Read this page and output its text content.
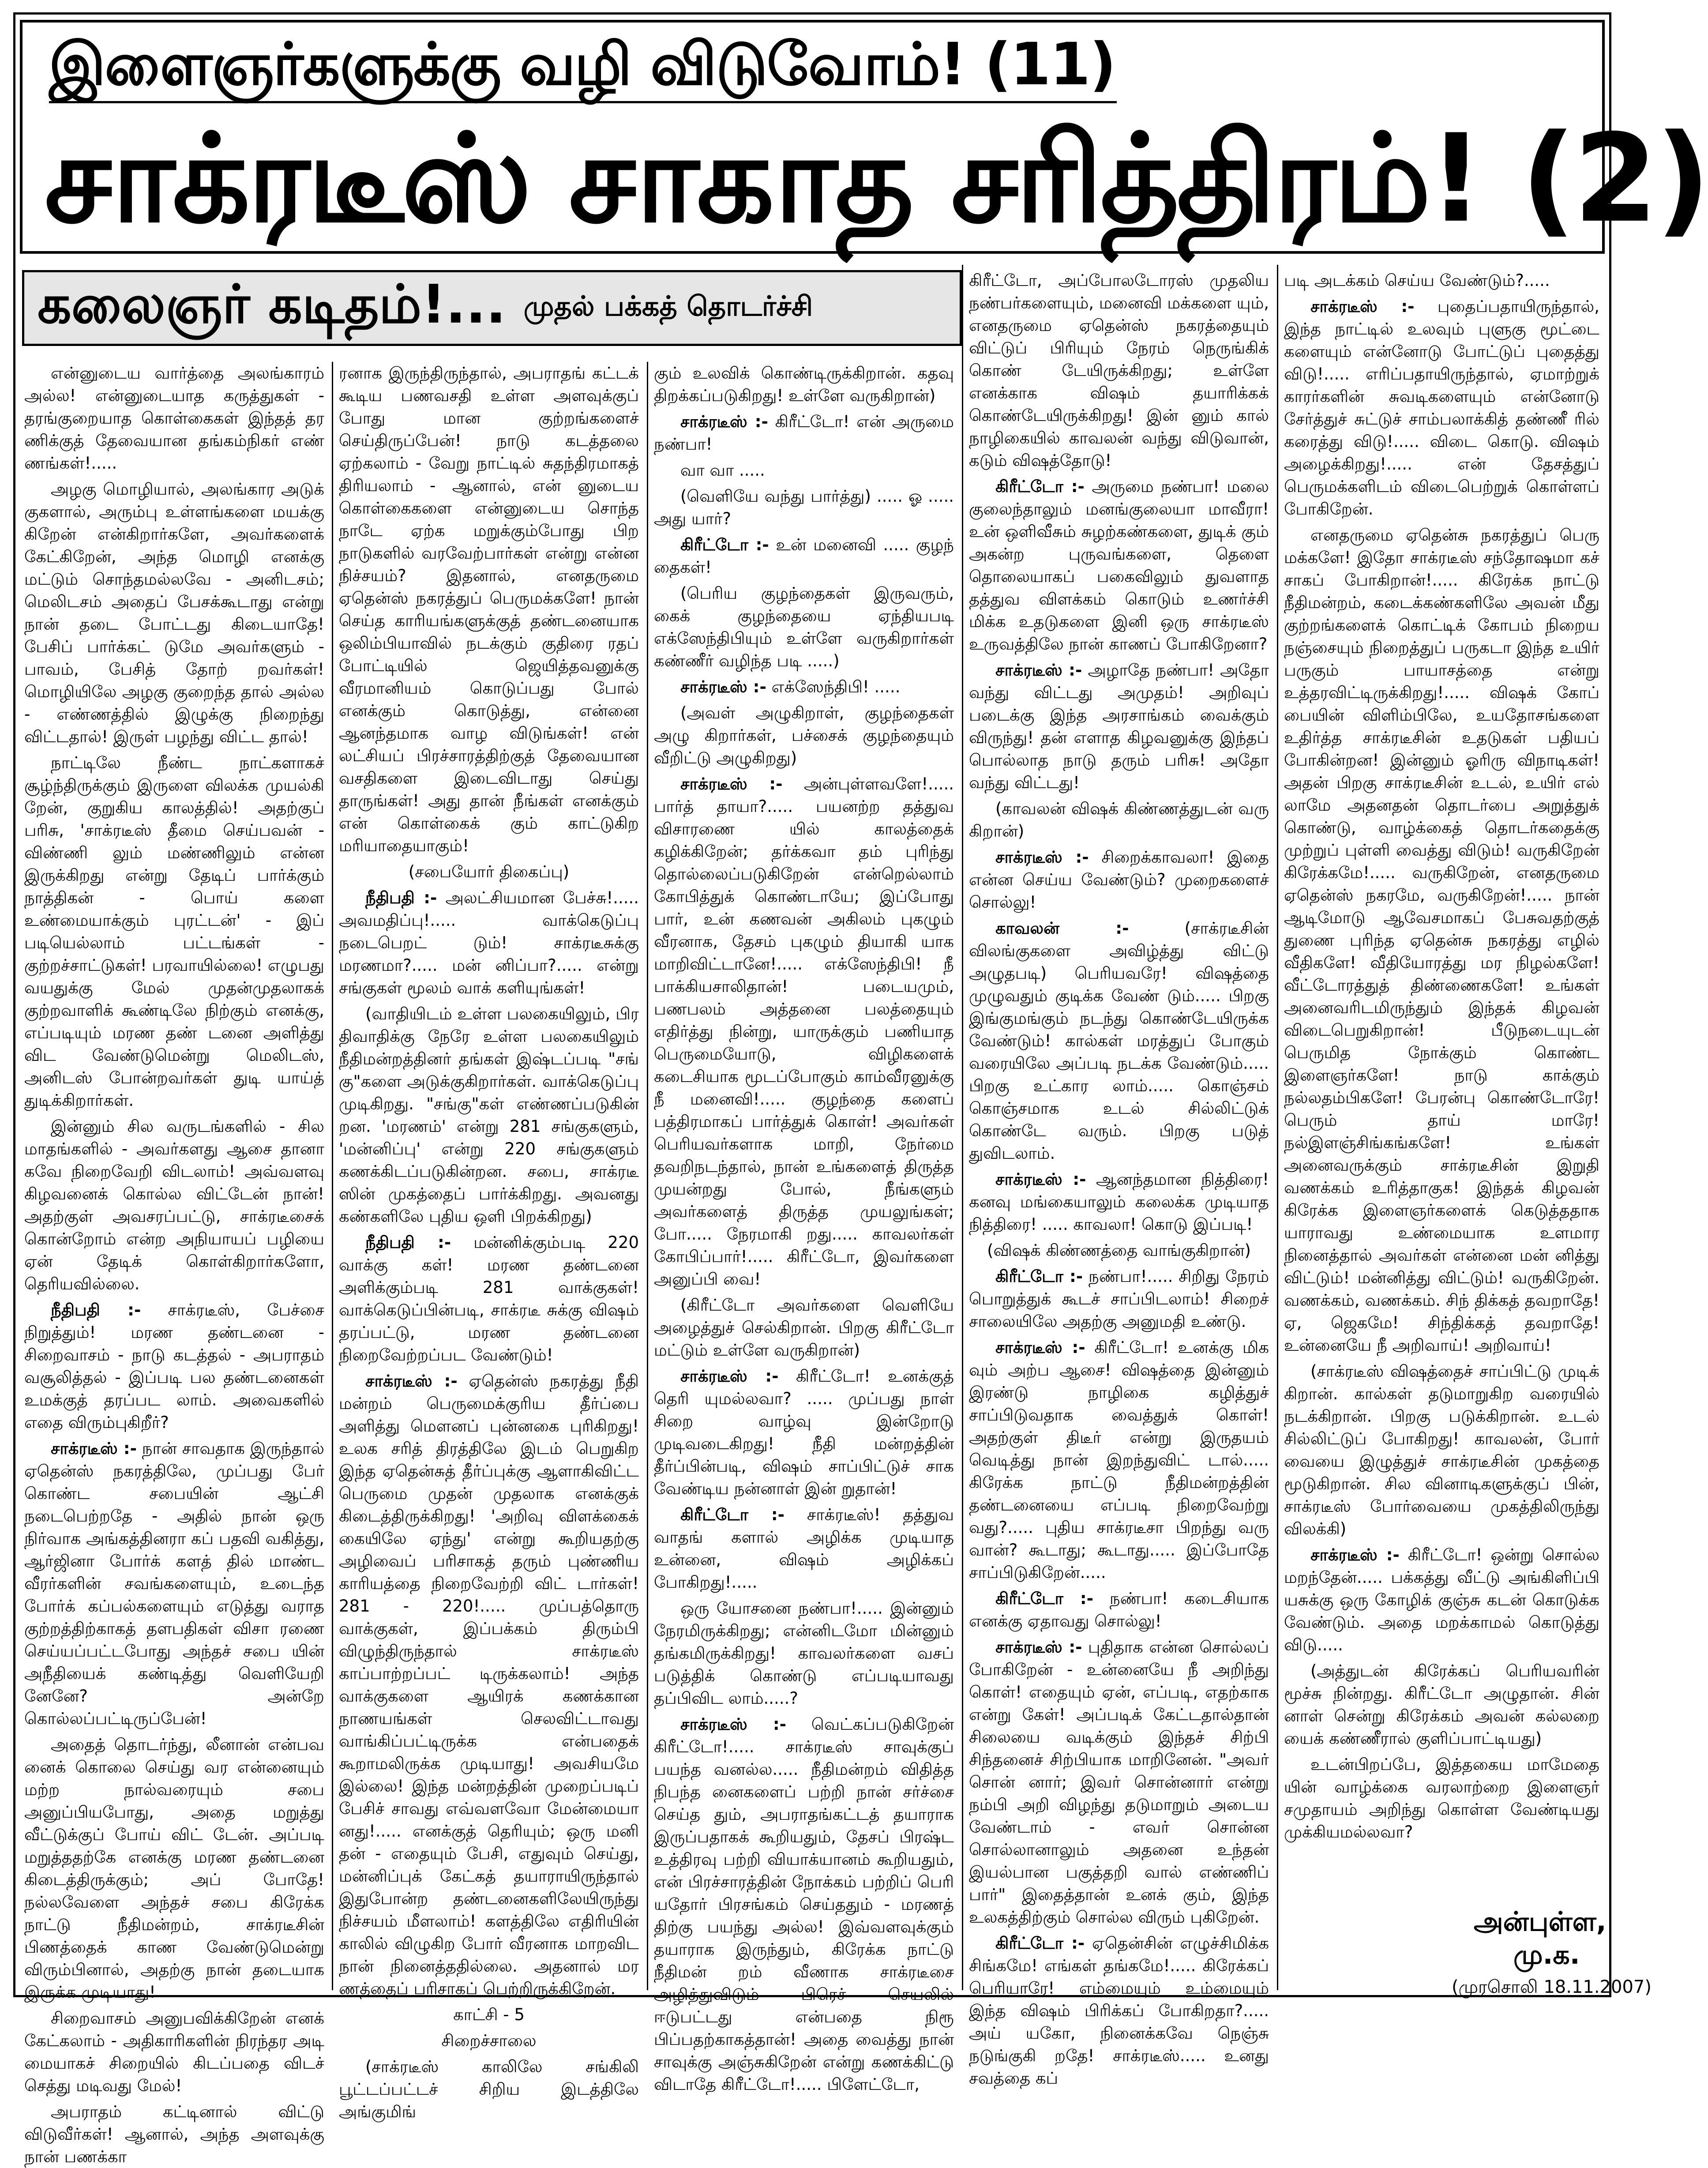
இளைஞர்களுக்கு வழி விடுவோம்! (11)
சாக்ரடீஸ் சாகாத சரித்திரம்! (2)
கலைஞர் கடிதம்!... முதல் பக்கத் தொடர்ச்சி

என்னுடைய வார்த்தை அலங்காரம் அல்ல! என்னுடையாத கருத்துகள் - தரங்குறையாத கொள்கைகள் இந்தத் தர ணிக்குத் தேவையான தங்கம்நிகர் எண் ணங்கள்!.....

அழகு மொழியால், அலங்கார அடுக் குகளால், அரும்பு உள்ளங்களை மயக்கு கிறேன் என்கிறார்களே, அவர்களைக் கேட்கிறேன், அந்த மொழி எனக்கு மட்டும் சொந்தமல்லவே - அனிடசம்; மெலிடசம் அதைப் பேசக்கூடாது என்று நான் தடை போட்டது கிடையாதே! பேசிப் பார்க்கட் டுமே அவர்களும் - பாவம், பேசித் தோற் றவர்கள்! மொழியிலே அழகு குறைந்த தால் அல்ல - எண்ணத்தில் இழுக்கு நிறைந்து விட்டதால்! இருள் பழந்து விட்ட தால்!

நாட்டிலே நீண்ட நாட்களாகச் சூழ்ந்திருக்கும் இருளை விலக்க முயல்கி றேன், குறுகிய காலத்தில்! அதற்குப் பரிசு, 'சாக்ரடீஸ் தீமை செய்பவன் - விண்ணி லும் மண்ணிலும் என்ன இருக்கிறது என்று தேடிப் பார்க்கும் நாத்திகன் - பொய் களை உண்மையாக்கும் புரட்டன்' - இப் படியெல்லாம் பட்டங்கள் - குற்றச்சாட்டுகள்! பரவாயில்லை! எழுபது வயதுக்கு மேல் முதன்முதலாகக் குற்றவாளிக் கூண்டிலே நிற்கும் எனக்கு, எப்படியும் மரண தண் டனை அளித்து விட வேண்டுமென்று மெலிடஸ், அனிடஸ் போன்றவர்கள் துடி யாய்த் துடிக்கிறார்கள்.

இன்னும் சில வருடங்களில் - சில மாதங்களில் - அவர்களது ஆசை தானா கவே நிறைவேறி விடலாம்! அவ்வளவு கிழவனைக் கொல்ல விட்டேன் நான்! அதற்குள் அவசரப்பட்டு, சாக்ரடீசைக் கொன்றோம் என்ற அநியாயப் பழியை ஏன் தேடிக் கொள்கிறார்களோ, தெரியவில்லை.

நீதிபதி :- சாக்ரடீஸ், பேச்சை நிறுத்தும்! மரண தண்டனை - சிறைவாசம் - நாடு கடத்தல் - அபராதம் வசூலித்தல் - இப்படி பல தண்டனைகள் உமக்குத் தரப்பட லாம். அவைகளில் எதை விரும்புகிறீர்?

சாக்ரடீஸ் :- நான் சாவதாக இருந்தால் ஏதென்ஸ் நகரத்திலே, முப்பது பேர் கொண்ட சபையின் ஆட்சி நடைபெற்றதே - அதில் நான் ஒரு நிர்வாக அங்கத்தினரா கப் பதவி வகித்து, ஆர்ஜினா போர்க் களத் தில் மாண்ட வீரர்களின் சவங்களையும், உடைந்த போர்க் கப்பல்களையும் எடுத்து வராத குற்றத்திற்காகத் தளபதிகள் விசா ரணை செய்யப்பட்டபோது அந்தச் சபை யின் அநீதியைக் கண்டித்து வெளியேறி னேனே? அன்றே கொல்லப்பட்டிருப்பேன்!

அதைத் தொடர்ந்து, லீனான் என்பவ னைக் கொலை செய்து வர என்னையும் மற்ற நால்வரையும் சபை அனுப்பியபோது, அதை மறுத்து வீட்டுக்குப் போய் விட் டேன். அப்படி மறுத்ததற்கே எனக்கு மரண தண்டனை கிடைத்திருக்கும்; அப் போதே! நல்லவேளை அந்தச் சபை கிரேக்க நாட்டு நீதிமன்றம், சாக்ரடீசின் பிணத்தைக் காண வேண்டுமென்று விரும்பினால், அதற்கு நான் தடையாக இருக்க முடியாது!

சிறைவாசம் அனுபவிக்கிறேன் எனக் கேட்கலாம் - அதிகாரிகளின் நிரந்தர அடி மையாகச் சிறையில் கிடப்பதை விடச் செத்து மடிவது மேல்!

அபராதம் கட்டினால் விட்டு விடுவீர்கள்! ஆனால், அந்த அளவுக்கு நான் பணக்கா

ரனாக இருந்திருந்தால், அபராதங் கட்டக் கூடிய பணவசதி உள்ள அளவுக்குப் போது மான குற்றங்களைச் செய்திருப்பேன்! நாடு கடத்தலை ஏற்கலாம் - வேறு நாட்டில் சுதந்திரமாகத் திரியலாம் - ஆனால், என் னுடைய கொள்கைகளை என்னுடைய சொந்த நாடே ஏற்க மறுக்கும்போது பிற நாடுகளில் வரவேற்பார்கள் என்று என்ன நிச்சயம்? இதனால், எனதருமை ஏதென்ஸ் நகரத்துப் பெருமக்களே! நான் செய்த காரியங்களுக்குத் தண்டனையாக ஒலிம்பியாவில் நடக்கும் குதிரை ரதப் போட்டியில் ஜெயித்தவனுக்கு வீரமானியம் கொடுப்பது போல் எனக்கும் கொடுத்து, என்னை ஆனந்தமாக வாழ விடுங்கள்! என் லட்சியப் பிரச்சாரத்திற்குத் தேவையான வசதிகளை இடைவிடாது செய்து தாருங்கள்! அது தான் நீங்கள் எனக்கும் என் கொள்கைக் கும் காட்டுகிற மரியாதையாகும்!

(சபையோர் திகைப்பு)

நீதிபதி :- அலட்சியமான பேச்சு!..... அவமதிப்பு!..... வாக்கெடுப்பு நடைபெறட் டும்! சாக்ரடீசுக்கு மரணமா?..... மன் னிப்பா?..... என்று சங்குகள் மூலம் வாக் களியுங்கள்!

(வாதியிடம் உள்ள பலகையிலும், பிர திவாதிக்கு நேரே உள்ள பலகையிலும் நீதிமன்றத்தினர் தங்கள் இஷ்டப்படி "சங் கு"களை அடுக்குகிறார்கள். வாக்கெடுப்பு முடிகிறது. "சங்கு"கள் எண்ணப்படுகின் றன. 'மரணம்' என்று 281 சங்குகளும், 'மன்னிப்பு' என்று 220 சங்குகளும் கணக்கிடப்படுகின்றன. சபை, சாக்ரடீ ஸின் முகத்தைப் பார்க்கிறது. அவனது கண்களிலே புதிய ஒளி பிறக்கிறது)

நீதிபதி :- மன்னிக்கும்படி 220 வாக்கு கள்! மரண தண்டனை அளிக்கும்படி 281 வாக்குகள்! வாக்கெடுப்பின்படி, சாக்ரடீ சுக்கு விஷம் தரப்பட்டு, மரண தண்டனை நிறைவேற்றப்பட வேண்டும்!

சாக்ரடீஸ் :- ஏதென்ஸ் நகரத்து நீதி மன்றம் பெருமைக்குரிய தீர்ப்பை அளித்து மௌனப் புன்னகை புரிகிறது! உலக சரித் திரத்திலே இடம் பெறுகிற இந்த ஏதென்சுத் தீர்ப்புக்கு ஆளாகிவிட்ட பெருமை முதன் முதலாக எனக்குக் கிடைத்திருக்கிறது! 'அறிவு விளக்கைக் கையிலே ஏந்து' என்று கூறியதற்கு அழிவைப் பரிசாகத் தரும் புண்ணிய காரியத்தை நிறைவேற்றி விட் டார்கள்! 281 - 220!..... முப்பத்தொரு வாக்குகள், இப்பக்கம் திரும்பி விழுந்திருந்தால் சாக்ரடீஸ் காப்பாற்றப்பட் டிருக்கலாம்! அந்த வாக்குகளை ஆயிரக் கணக்கான நாணயங்கள் செலவிட்டாவது வாங்கிப்பட்டிருக்க என்பதைக் கூறாமலிருக்க முடியாது! அவசியமே இல்லை! இந்த மன்றத்தின் முறைப்படிப் பேசிச் சாவது எவ்வளவோ மேன்மையா னது!..... எனக்குத் தெரியும்; ஒரு மனி தன் - எதையும் பேசி, எதுவும் செய்து, மன்னிப்புக் கேட்கத் தயாராயிருந்தால் இதுபோன்ற தண்டனைகளிலேயிருந்து நிச்சயம் மீளலாம்! களத்திலே எதிரியின் காலில் விழுகிற போர் வீரனாக மாறவிட நான் நினைத்ததில்லை. அதனால் மர ணத்தைப் பரிசாகப் பெற்றிருக்கிறேன்.

காட்சி - 5

சிறைச்சாலை

(சாக்ரடீஸ் காலிலே சங்கிலி பூட்டப்பட்டச் சிறிய இடத்திலே அங்குமிங்

கும் உலவிக் கொண்டிருக்கிறான். கதவு திறக்கப்படுகிறது! உள்ளே வருகிறான்)

சாக்ரடீஸ் :- கிரீட்டோ! என் அருமை நண்பா!

வா வா .....

(வெளியே வந்து பார்த்து) ..... ஓ ..... அது யார்?

கிரீட்டோ :- உன் மனைவி ..... குழந் தைகள்!

(பெரிய குழந்தைகள் இருவரும், கைக் குழந்தையை ஏந்தியபடி எக்ஸேந்திபியும் உள்ளே வருகிறார்கள் கண்ணீர் வழிந்த படி .....)

சாக்ரடீஸ் :- எக்ஸேந்திபி! .....

(அவள் அழுகிறாள், குழந்தைகள் அழு கிறார்கள், பச்சைக் குழந்தையும் வீறிட்டு அழுகிறது)

சாக்ரடீஸ் :- அன்புள்ளவளே!..... பார்த் தாயா?..... பயனற்ற தத்துவ விசாரணை யில் காலத்தைக் கழிக்கிறேன்; தர்க்கவா தம் புரிந்து தொல்லைப்படுகிறேன் என்றெல்லாம் கோபித்துக் கொண்டாயே; இப்போது பார், உன் கணவன் அகிலம் புகழும் வீரனாக, தேசம் புகழும் தியாகி யாக மாறிவிட்டானே!..... எக்ஸேந்திபி! நீ பாக்கியசாலிதான்! படையமும், பணபலம் அத்தனை பலத்தையும் எதிர்த்து நின்று, யாருக்கும் பணியாத பெருமையோடு, விழிகளைக் கடைசியாக மூடப்போகும் காம்வீரனுக்கு நீ மனைவி!..... குழந்தை களைப் பத்திரமாகப் பார்த்துக் கொள்! அவர்கள் பெரியவர்களாக மாறி, நேர்மை தவறிநடந்தால், நான் உங்களைத் திருத்த முயன்றது போல், நீங்களும் அவர்களைத் திருத்த முயலுங்கள்; போ..... நேரமாகி றது..... காவலர்கள் கோபிப்பார்!..... கிரீட்டோ, இவர்களை அனுப்பி வை!

(கிரீட்டோ அவர்களை வெளியே அழைத்துச் செல்கிறான். பிறகு கிரீட்டோ மட்டும் உள்ளே வருகிறான்)

சாக்ரடீஸ் :- கிரீட்டோ! உனக்குத் தெரி யுமல்லவா? ..... முப்பது நாள் சிறை வாழ்வு இன்றோடு முடிவடைகிறது! நீதி மன்றத்தின் தீர்ப்பின்படி, விஷம் சாப்பிட்டுச் சாக வேண்டிய நன்னாள் இன் றுதான்!

கிரீட்டோ :- சாக்ரடீஸ்! தத்துவ வாதங் களால் அழிக்க முடியாத உன்னை, விஷம் அழிக்கப் போகிறது!.....

ஒரு யோசனை நண்பா!..... இன்னும் நேரமிருக்கிறது; என்னிடமோ மின்னும் தங்கமிருக்கிறது! காவலர்களை வசப் படுத்திக் கொண்டு எப்படியாவது தப்பிவிட லாம்.....?

சாக்ரடீஸ் :- வெட்கப்படுகிறேன் கிரீட்டோ!..... சாக்ரடீஸ் சாவுக்குப் பயந்த வனல்ல..... நீதிமன்றம் விதித்த நிபந்த னைகளைப் பற்றி நான் சர்ச்சை செய்த தும், அபராதங்கட்டத் தயாராக இருப்பதாகக் கூறியதும், தேசப் பிரஷ்ட உத்திரவு பற்றி வியாக்யானம் கூறியதும், என் பிரச்சாரத்தின் நோக்கம் பற்றிப் பெரி யதோர் பிரசங்கம் செய்ததும் - மரணத் திற்கு பயந்து அல்ல! இவ்வளவுக்கும் தயாராக இருந்தும், கிரேக்க நாட்டு நீதிமன் றம் வீணாக சாக்ரடீசை அழித்துவிடும் பிரெச் செயலில் ஈடுபட்டது என்பதை நிரூ பிப்பதற்காகத்தான்! அதை வைத்து நான் சாவுக்கு அஞ்சுகிறேன் என்று கணக்கிட்டு விடாதே கிரீட்டோ!..... பிளேட்டோ,

கிரீட்டோ, அப்போலடோரஸ் முதலிய நண்பர்களையும், மனைவி மக்களை யும், எனதருமை ஏதென்ஸ் நகரத்தையும் விட்டுப் பிரியும் நேரம் நெருங்கிக் கொண் டேயிருக்கிறது; உள்ளே எனக்காக விஷம் தயாரிக்கக் கொண்டேயிருக்கிறது! இன் னும் கால் நாழிகையில் காவலன் வந்து விடுவான், கடும் விஷத்தோடு!

கிரீட்டோ :- அருமை நண்பா! மலை குலைந்தாலும் மனங்குலையா மாவீரா! உன் ஒளிவீசும் சுழற்கண்களை, துடிக் கும் அகன்ற புருவங்களை, தெளை தொலையாகப் பகைவிலும் துவளாத தத்துவ விளக்கம் கொடும் உணர்ச்சி மிக்க உதடுகளை இனி ஒரு சாக்ரடீஸ் உருவத்திலே நான் காணப் போகிறேனா?

சாக்ரடீஸ் :- அழாதே நண்பா! அதோ வந்து விட்டது அமுதம்! அறிவுப் படைக்கு இந்த அரசாங்கம் வைக்கும் விருந்து! தன் எளாத கிழவனுக்கு இந்தப் பொல்லாத நாடு தரும் பரிசு! அதோ வந்து விட்டது!

(காவலன் விஷக் கிண்ணத்துடன் வரு கிறான்)

சாக்ரடீஸ் :- சிறைக்காவலா! இதை என்ன செய்ய வேண்டும்? முறைகளைச் சொல்லு!

காவலன் :- (சாக்ரடீசின் விலங்குகளை அவிழ்த்து விட்டு அழுதபடி) பெரியவரே! விஷத்தை முழுவதும் குடிக்க வேண் டும்..... பிறகு இங்குமங்கும் நடந்து கொண்டேயிருக்க வேண்டும்! கால்கள் மரத்துப் போகும் வரையிலே அப்படி நடக்க வேண்டும்..... பிறகு உட்கார லாம்..... கொஞ்சம் கொஞ்சமாக உடல் சில்லிட்டுக் கொண்டே வரும். பிறகு படுத் துவிடலாம்.

சாக்ரடீஸ் :- ஆனந்தமான நித்திரை! கனவு மங்கையாலும் கலைக்க முடியாத நித்திரை! ..... காவலா! கொடு இப்படி!

(விஷக் கிண்ணத்தை வாங்குகிறான்)

கிரீட்டோ :- நண்பா!..... சிறிது நேரம் பொறுத்துக் கூடச் சாப்பிடலாம்! சிறைச் சாலையிலே அதற்கு அனுமதி உண்டு.

சாக்ரடீஸ் :- கிரீட்டோ! உனக்கு மிக வும் அற்ப ஆசை! விஷத்தை இன்னும் இரண்டு நாழிகை கழித்துச் சாப்பிடுவதாக வைத்துக் கொள்! அதற்குள் திடீர் என்று இருதயம் வெடித்து நான் இறந்துவிட் டால்..... கிரேக்க நாட்டு நீதிமன்றத்தின் தண்டனையை எப்படி நிறைவேற்று வது?..... புதிய சாக்ரடீசா பிறந்து வரு வான்? கூடாது; கூடாது..... இப்போதே சாப்பிடுகிறேன்.....

கிரீட்டோ :- நண்பா! கடைசியாக எனக்கு ஏதாவது சொல்லு!

சாக்ரடீஸ் :- புதிதாக என்ன சொல்லப் போகிறேன் - உன்னையே நீ அறிந்து கொள்! எதையும் ஏன், எப்படி, எதற்காக என்று கேள்! அப்படிக் கேட்டதால்தான் சிலையை வடிக்கும் இந்தச் சிற்பி சிந்தனைச் சிற்பியாக மாறினேன். "அவர் சொன் னார்; இவர் சொன்னார் என்று நம்பி அறி விழந்து தடுமாறும் அடைய வேண்டாம் - எவர் சொன்ன சொல்லானாலும் அதனை உந்தன் இயல்பான பகுத்தறி வால் எண்ணிப் பார்" இதைத்தான் உனக் கும், இந்த உலகத்திற்கும் சொல்ல விரும் புகிறேன்.

கிரீட்டோ :- ஏதென்சின் எழுச்சிமிக்க சிங்கமே! எங்கள் தங்கமே!..... கிரேக்கப் பெரியாரே! எம்மையும் உம்மையும் இந்த விஷம் பிரிக்கப் போகிறதா?..... அய் யகோ, நினைக்கவே நெஞ்சு நடுங்குகி றதே! சாக்ரடீஸ்..... உனது சவத்தை கப்

படி அடக்கம் செய்ய வேண்டும்?.....

சாக்ரடீஸ் :- புதைப்பதாயிருந்தால், இந்த நாட்டில் உலவும் புளுகு மூட்டை களையும் என்னோடு போட்டுப் புதைத்து விடு!..... எரிப்பதாயிருந்தால், ஏமாற்றுக் காரர்களின் சுவடிகளையும் என்னோடு சேர்த்துச் சுட்டுச் சாம்பலாக்கித் தண்ணீ ரில் கரைத்து விடு!..... விடை கொடு. விஷம் அழைக்கிறது!..... என் தேசத்துப் பெருமக்களிடம் விடைபெற்றுக் கொள்ளப் போகிறேன்.

எனதருமை ஏதென்சு நகரத்துப் பெரு மக்களே! இதோ சாக்ரடீஸ் சந்தோஷமா கச் சாகப் போகிறான்!..... கிரேக்க நாட்டு நீதிமன்றம், கடைக்கண்களிலே அவன் மீது குற்றங்களைக் கொட்டிக் கோபம் நிறைய நஞ்சையும் நிறைத்துப் பருகடா இந்த உயிர் பருகும் பாயாசத்தை என்று உத்தரவிட்டிருக்கிறது!..... விஷக் கோப் பையின் விளிம்பிலே, உயதோசங்களை உதிர்த்த சாக்ரடீசின் உதடுகள் பதியப் போகின்றன! இன்னும் ஓரிரு விநாடிகள்! அதன் பிறகு சாக்ரடீசின் உடல், உயிர் எல் லாமே அதனதன் தொடர்பை அறுத்துக் கொண்டு, வாழ்க்கைத் தொடர்கதைக்கு முற்றுப் புள்ளி வைத்து விடும்! வருகிறேன் கிரேக்கமே!..... வருகிறேன், எனதருமை ஏதென்ஸ் நகரமே, வருகிறேன்!..... நான் ஆடிமோடு ஆவேசமாகப் பேசுவதற்குத் துணை புரிந்த ஏதென்சு நகரத்து எழில் வீதிகளே! வீதியோரத்து மர நிழல்களே! வீட்டோரத்துத் திண்ணைகளே! உங்கள் அனைவரிடமிருந்தும் இந்தக் கிழவன் விடைபெறுகிறான்! பீடுநடையுடன் பெருமித நோக்கும் கொண்ட இளைஞர்களே! நாடு காக்கும் நல்லதம்பிகளே! பேரன்பு கொண்டோரே! பெரும் தாய் மாரே! நல்இளஞ்சிங்கங்களே! உங்கள் அனைவருக்கும் சாக்ரடீசின் இறுதி வணக்கம் உரித்தாகுக! இந்தக் கிழவன் கிரேக்க இளைஞர்களைக் கெடுத்ததாக யாராவது உண்மையாக உளமார நினைத்தால் அவர்கள் என்னை மன் னித்து விட்டும்! மன்னித்து விட்டும்! வருகிறேன். வணக்கம், வணக்கம். சிந் திக்கத் தவறாதே! ஏ, ஜெகமே! சிந்திக்கத் தவறாதே! உன்னையே நீ அறிவாய்! அறிவாய்!

(சாக்ரடீஸ் விஷத்தைச் சாப்பிட்டு முடிக் கிறான். கால்கள் தடுமாறுகிற வரையில் நடக்கிறான். பிறகு படுக்கிறான். உடல் சில்லிட்டுப் போகிறது! காவலன், போர் வையை இழுத்துச் சாக்ரடீசின் முகத்தை மூடுகிறான். சில வினாடிகளுக்குப் பின், சாக்ரடீஸ் போர்வையை முகத்திலிருந்து விலக்கி)

சாக்ரடீஸ் :- கிரீட்டோ! ஒன்று சொல்ல மறந்தேன்..... பக்கத்து வீட்டு அங்கிளிப்பி யசுக்கு ஒரு கோழிக் குஞ்சு கடன் கொடுக்க வேண்டும். அதை மறக்காமல் கொடுத்து விடு.....

(அத்துடன் கிரேக்கப் பெரியவரின் மூச்சு நின்றது. கிரீட்டோ அழுதான். சின் னாள் சென்று கிரேக்கம் அவன் கல்லறை யைக் கண்ணீரால் குளிப்பாட்டியது)

உடன்பிறப்பே, இத்தகைய மாமேதை யின் வாழ்க்கை வரலாற்றை இளைஞர் சமுதாயம் அறிந்து கொள்ள வேண்டியது முக்கியமல்லவா?

அன்புள்ள,
மு.க.
(முரசொலி 18.11.2007)
